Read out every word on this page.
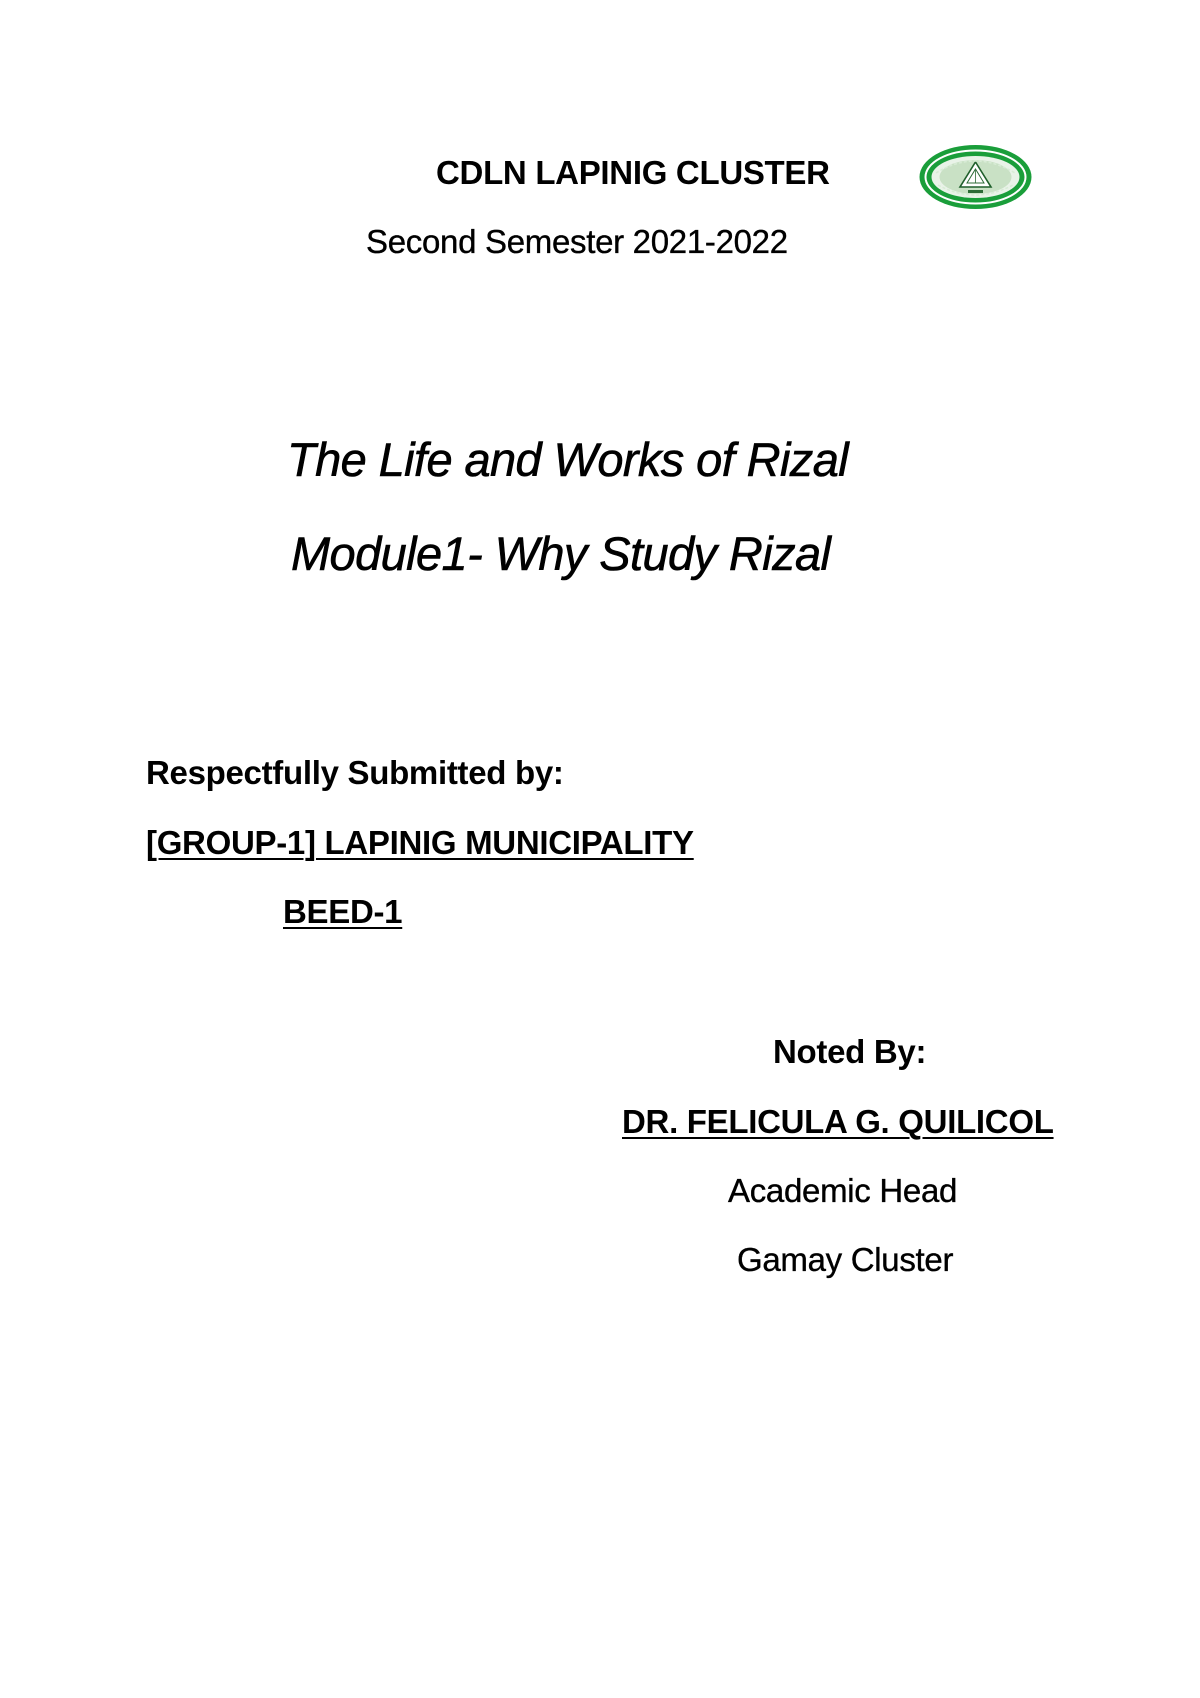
CDLN LAPINIG CLUSTER
Second Semester 2021-2022
The Life and Works of Rizal
Module1- Why Study Rizal
Respectfully Submitted by:
[GROUP-1] LAPINIG MUNICIPALITY
BEED-1
Noted By:
DR. FELICULA G. QUILICOL
Academic Head
Gamay Cluster
